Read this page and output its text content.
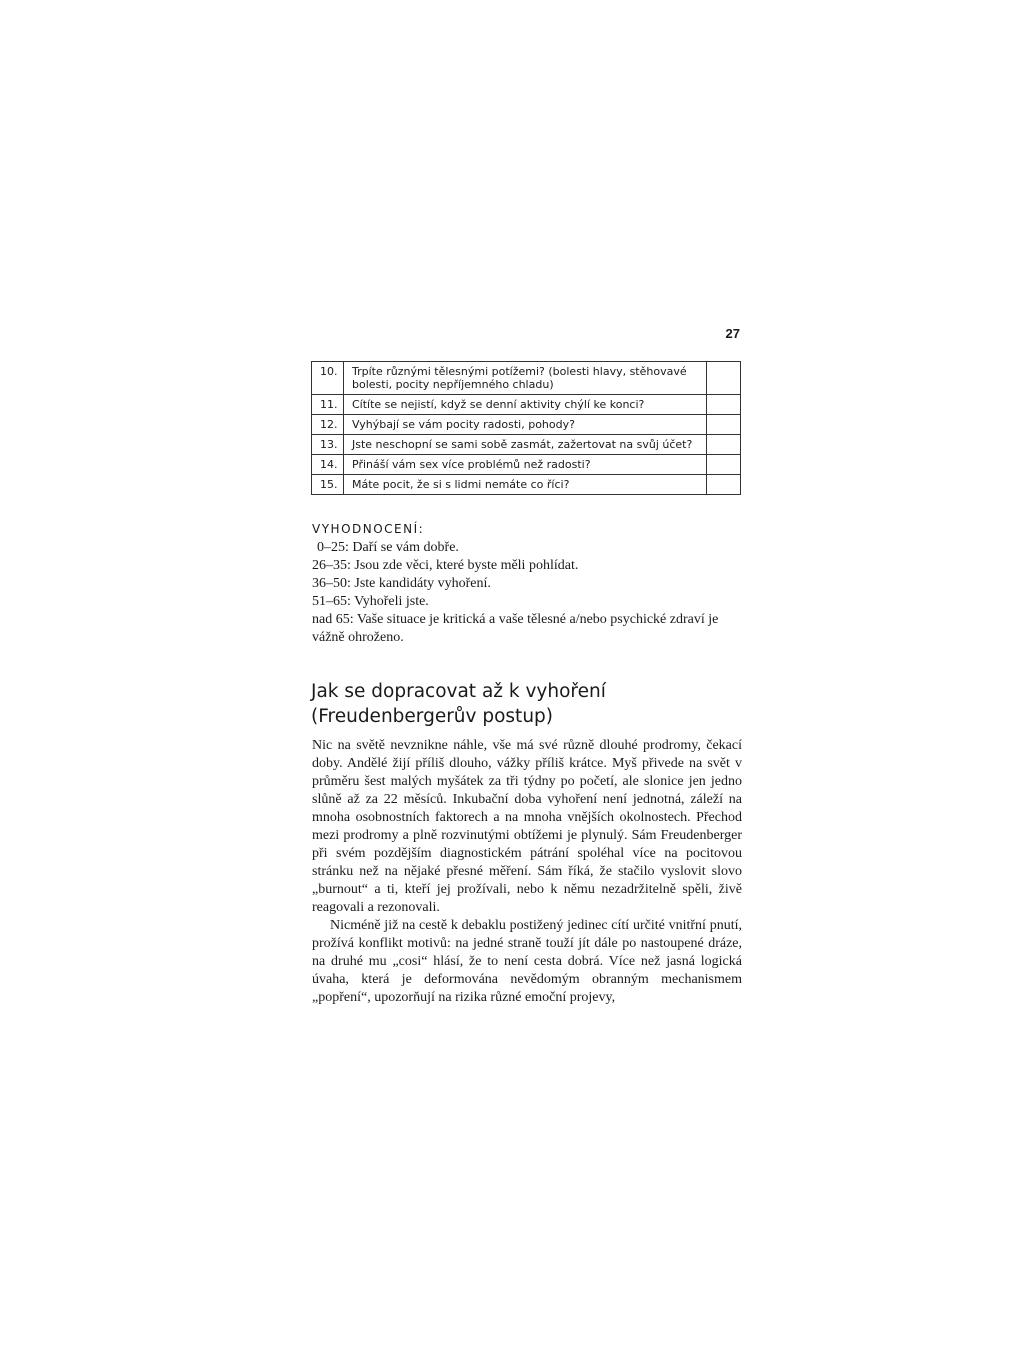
27
10.	Trpíte různými tělesnými potížemi? (bolesti hlavy, stěhovavé bolesti, pocity nepříjemného chladu)	
11.	Cítíte se nejistí, když se denní aktivity chýlí ke konci?	
12.	Vyhýbají se vám pocity radosti, pohody?	
13.	Jste neschopní se sami sobě zasmát, zažertovat na svůj účet?	
14.	Přináší vám sex více problémů než radosti?	
15.	Máte pocit, že si s lidmi nemáte co říci?	
VYHODNOCENÍ:
0–25: Daří se vám dobře.
26–35: Jsou zde věci, které byste měli pohlídat.
36–50: Jste kandidáty vyhoření.
51–65: Vyhořeli jste.
nad 65: Vaše situace je kritická a vaše tělesné a/nebo psychické zdraví je vážně ohroženo.
Jak se dopracovat až k vyhoření
(Freudenbergerův postup)

Nic na světě nevznikne náhle, vše má své různě dlouhé prodromy, čekací doby. Andělé žijí příliš dlouho, vážky příliš krátce. Myš přivede na svět v průměru šest malých myšátek za tři týdny po početí, ale slonice jen jedno slůně až za 22 měsíců. Inkubační doba vyhoření není jednotná, záleží na mnoha osobnostních faktorech a na mnoha vnějších okolnostech. Přechod mezi prodromy a plně rozvinutými obtížemi je plynulý. Sám Freudenberger při svém pozdějším diagnostickém pátrání spoléhal více na pocitovou stránku než na nějaké přesné měření. Sám říká, že stačilo vyslovit slovo „burnout“ a ti, kteří jej prožívali, nebo k němu nezadržitelně spěli, živě reagovali a rezonovali.

Nicméně již na cestě k debaklu postižený jedinec cítí určité vnitřní pnutí, prožívá konflikt motivů: na jedné straně touží jít dále po nastoupené dráze, na druhé mu „cosi“ hlásí, že to není cesta dobrá. Více než jasná logická úvaha, která je deformována nevědomým obranným mechanismem „popření“, upozorňují na rizika různé emoční projevy,
